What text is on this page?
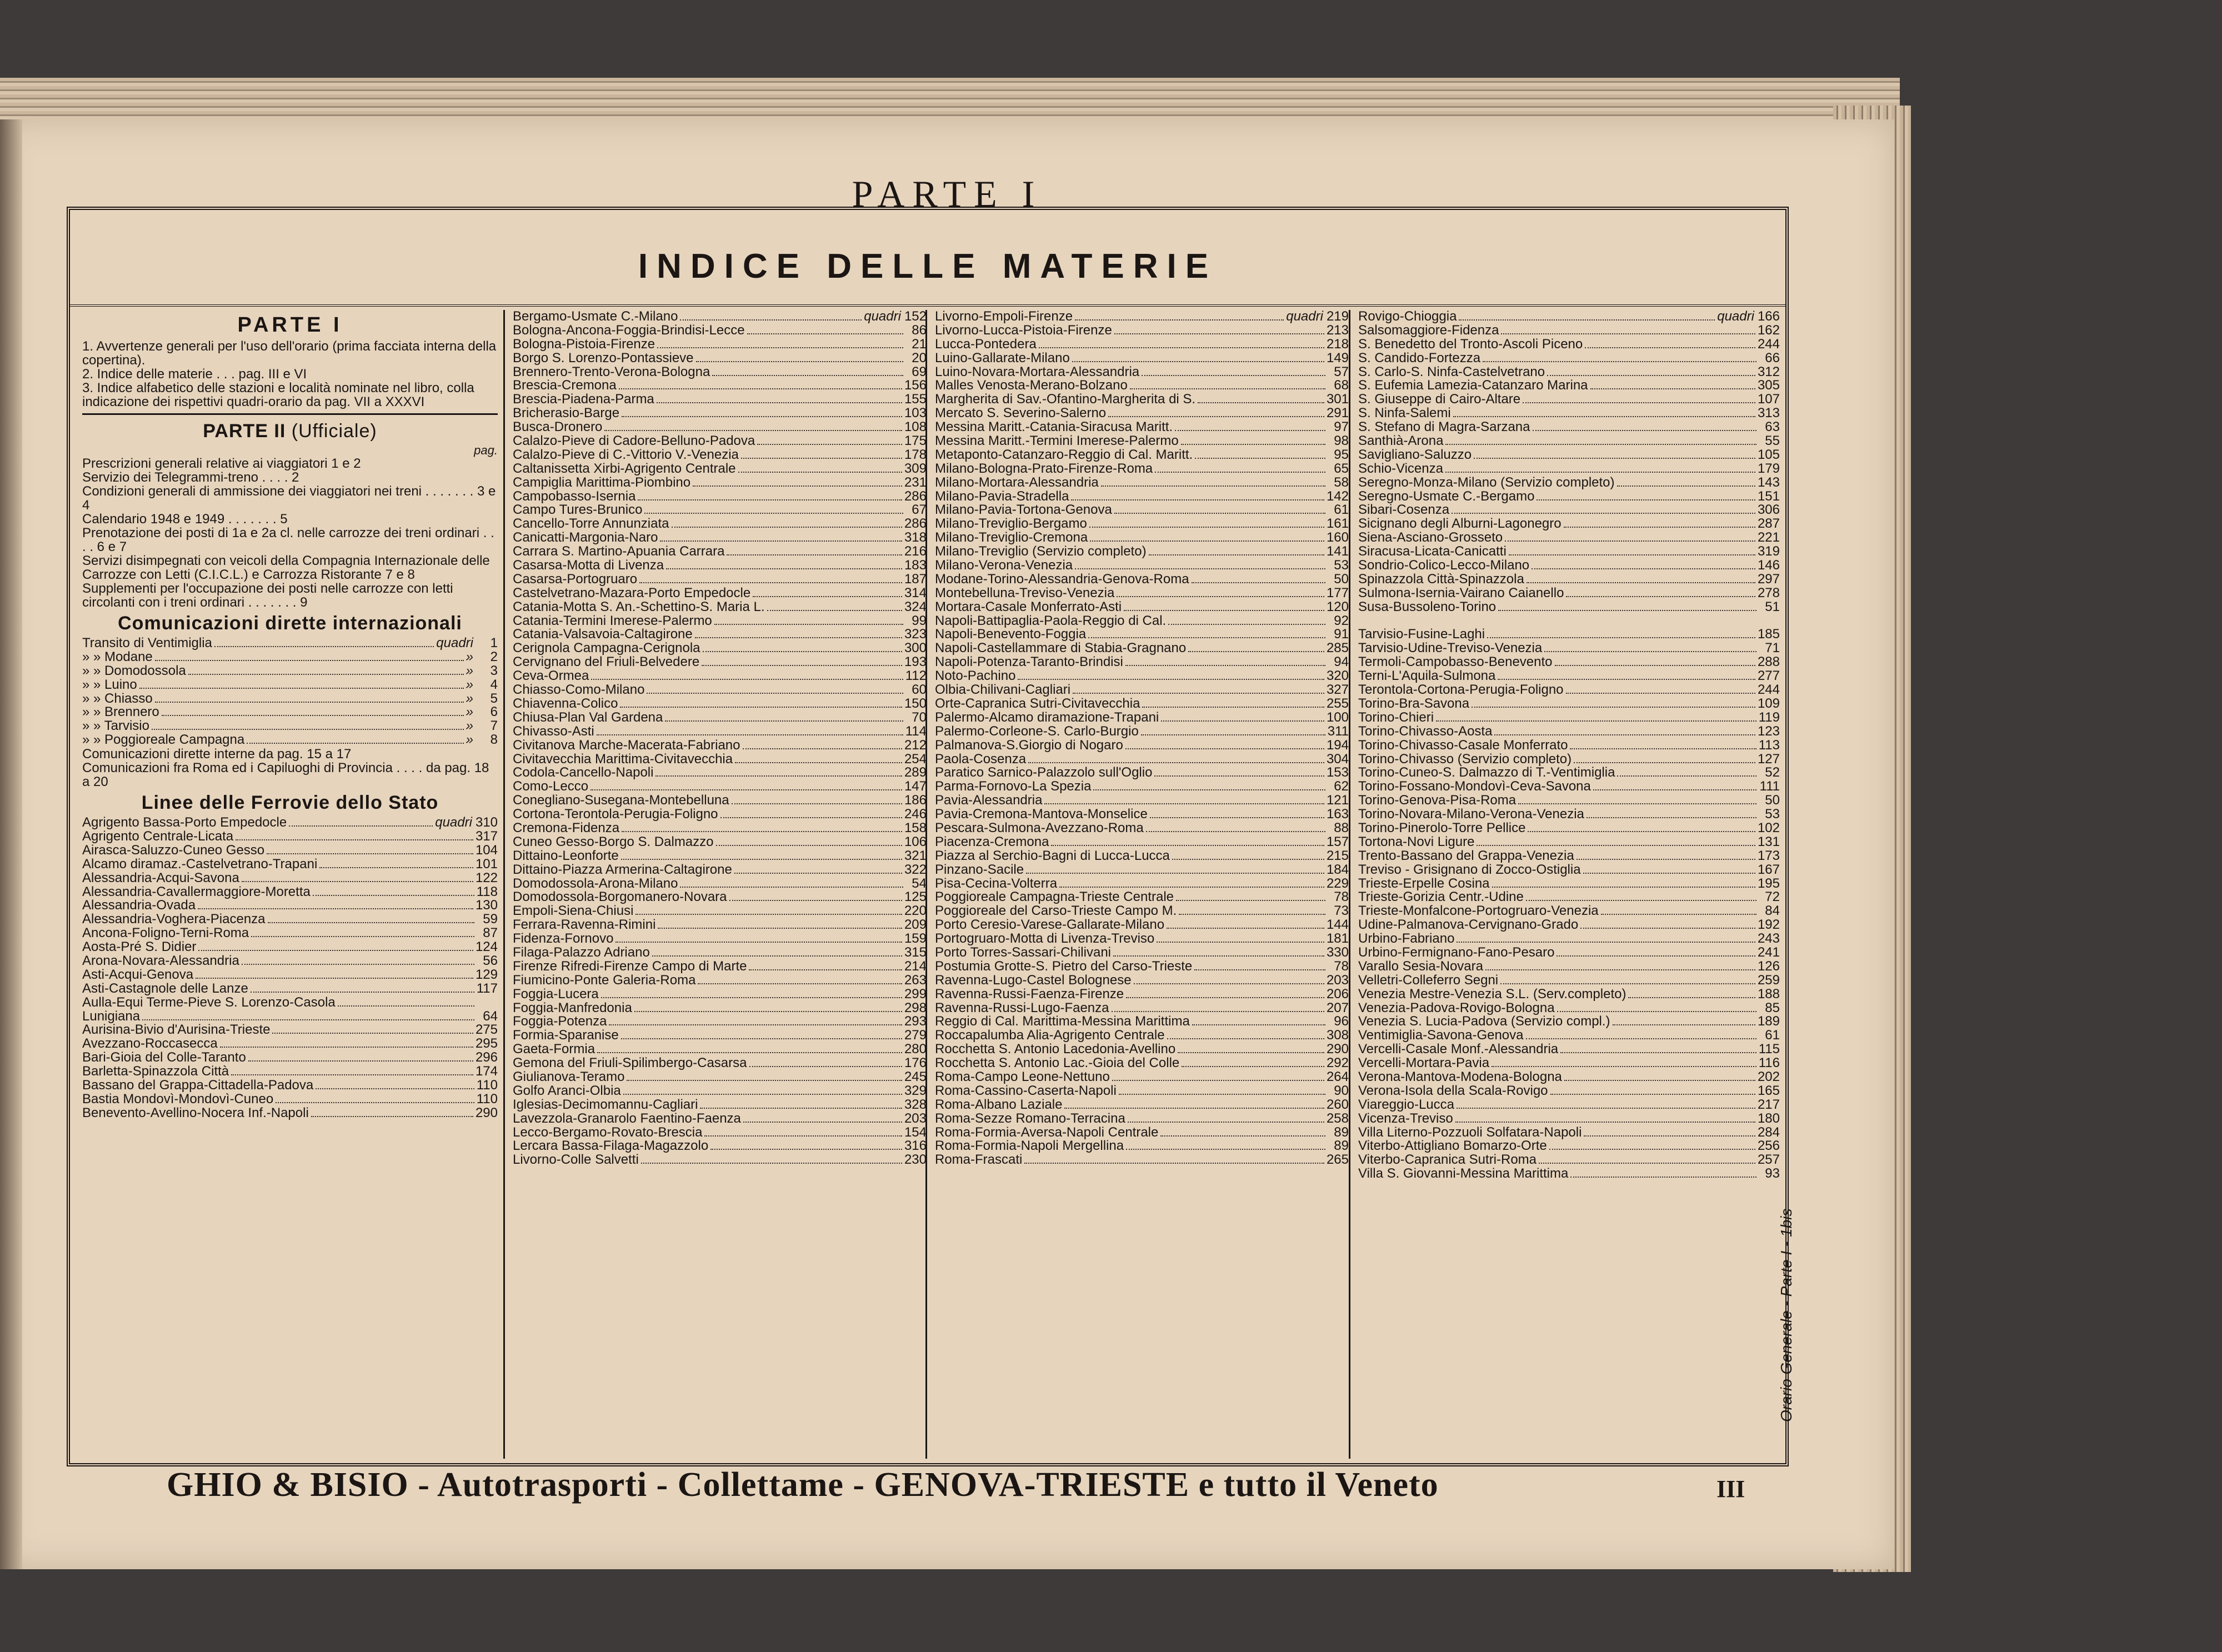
PARTE I
INDICE DELLE MATERIE
PARTE I
1. Avvertenze generali per l'uso dell'orario (prima facciata interna della copertina).
2. Indice delle materie . . . pag. III e VI
3. Indice alfabetico delle stazioni e località nominate nel libro, colla indicazione dei rispettivi quadri-orario da pag. VII a XXXVI
PARTE II (Ufficiale)
pag.
Prescrizioni generali relative ai viaggiatori 1 e 2
Servizio dei Telegrammi-treno . . . . 2
Condizioni generali di ammissione dei viaggiatori nei treni . . . . . . . 3 e 4
Calendario 1948 e 1949 . . . . . . . 5
Prenotazione dei posti di 1a e 2a cl. nelle carrozze dei treni ordinari . . . . 6 e 7
Servizi disimpegnati con veicoli della Compagnia Internazionale delle Carrozze con Letti (C.I.C.L.) e Carrozza Ristorante 7 e 8
Supplementi per l'occupazione dei posti nelle carrozze con letti circolanti con i treni ordinari . . . . . . . 9
Comunicazioni dirette internazionali
Transito di Ventimiglia	quadri	1
» » Modane	»	2
» » Domodossola	»	3
» » Luino	»	4
» » Chiasso	»	5
» » Brennero	»	6
» » Tarvisio	»	7
» » Poggioreale Campagna	»	8
Comunicazioni dirette interne da pag. 15 a 17
Comunicazioni fra Roma ed i Capiluoghi di Provincia . . . . da pag. 18 a 20
Linee delle Ferrovie dello Stato
Agrigento Bassa-Porto Empedocle	quadri 310
Agrigento Centrale-Licata	317
Airasca-Saluzzo-Cuneo Gesso	104
Alcamo diramaz.-Castelvetrano-Trapani	101
Alessandria-Acqui-Savona	122
Alessandria-Cavallermaggiore-Moretta	118
Alessandria-Ovada	130
Alessandria-Voghera-Piacenza	59
Ancona-Foligno-Terni-Roma	87
Aosta-Pré S. Didier	124
Arona-Novara-Alessandria	56
Asti-Acqui-Genova	129
Asti-Castagnole delle Lanze	117
Aulla-Equi Terme-Pieve S. Lorenzo-Casola
Lunigiana	64
Aurisina-Bivio d'Aurisina-Trieste	275
Avezzano-Roccasecca	295
Bari-Gioia del Colle-Taranto	296
Barletta-Spinazzola Città	174
Bassano del Grappa-Cittadella-Padova	110
Bastia Mondovì-Mondovì-Cuneo	110
Benevento-Avellino-Nocera Inf.-Napoli	290
Bergamo-Usmate C.-Milano	quadri 152
Bologna-Ancona-Foggia-Brindisi-Lecce	86
Bologna-Pistoia-Firenze	21
Borgo S. Lorenzo-Pontassieve	20
Brennero-Trento-Verona-Bologna	69
Brescia-Cremona	156
Brescia-Piadena-Parma	155
Bricherasio-Barge	103
Busca-Dronero	108
Calalzo-Pieve di Cadore-Belluno-Padova	175
Calalzo-Pieve di C.-Vittorio V.-Venezia	178
Caltanissetta Xirbi-Agrigento Centrale	309
Campiglia Marittima-Piombino	231
Campobasso-Isernia	286
Campo Tures-Brunico	67
Cancello-Torre Annunziata	286
Canicatti-Margonia-Naro	318
Carrara S. Martino-Apuania Carrara	216
Casarsa-Motta di Livenza	183
Casarsa-Portogruaro	187
Castelvetrano-Mazara-Porto Empedocle	314
Catania-Motta S. An.-Schettino-S. Maria L.	324
Catania-Termini Imerese-Palermo	99
Catania-Valsavoia-Caltagirone	323
Cerignola Campagna-Cerignola	300
Cervignano del Friuli-Belvedere	193
Ceva-Ormea	112
Chiasso-Como-Milano	60
Chiavenna-Colico	150
Chiusa-Plan Val Gardena	70
Chivasso-Asti	114
Civitanova Marche-Macerata-Fabriano	212
Civitavecchia Marittima-Civitavecchia	254
Codola-Cancello-Napoli	289
Como-Lecco	147
Conegliano-Susegana-Montebelluna	186
Cortona-Terontola-Perugia-Foligno	246
Cremona-Fidenza	158
Cuneo Gesso-Borgo S. Dalmazzo	106
Dittaino-Leonforte	321
Dittaino-Piazza Armerina-Caltagirone	322
Domodossola-Arona-Milano	54
Domodossola-Borgomanero-Novara	125
Empoli-Siena-Chiusi	220
Ferrara-Ravenna-Rimini	209
Fidenza-Fornovo	159
Filaga-Palazzo Adriano	315
Firenze Rifredi-Firenze Campo di Marte	214
Fiumicino-Ponte Galeria-Roma	263
Foggia-Lucera	299
Foggia-Manfredonia	298
Foggia-Potenza	293
Formia-Sparanise	279
Gaeta-Formia	280
Gemona del Friuli-Spilimbergo-Casarsa	176
Giulianova-Teramo	245
Golfo Aranci-Olbia	329
Iglesias-Decimomannu-Cagliari	328
Lavezzola-Granarolo Faentino-Faenza	203
Lecco-Bergamo-Rovato-Brescia	154
Lercara Bassa-Filaga-Magazzolo	316
Livorno-Colle Salvetti	230
Livorno-Empoli-Firenze	quadri 219
Livorno-Lucca-Pistoia-Firenze	213
Lucca-Pontedera	218
Luino-Gallarate-Milano	149
Luino-Novara-Mortara-Alessandria	57
Malles Venosta-Merano-Bolzano	68
Margherita di Sav.-Ofantino-Margherita di S.	301
Mercato S. Severino-Salerno	291
Messina Maritt.-Catania-Siracusa Maritt.	97
Messina Maritt.-Termini Imerese-Palermo	98
Metaponto-Catanzaro-Reggio di Cal. Maritt.	95
Milano-Bologna-Prato-Firenze-Roma	65
Milano-Mortara-Alessandria	58
Milano-Pavia-Stradella	142
Milano-Pavia-Tortona-Genova	61
Milano-Treviglio-Bergamo	161
Milano-Treviglio-Cremona	160
Milano-Treviglio (Servizio completo)	141
Milano-Verona-Venezia	53
Modane-Torino-Alessandria-Genova-Roma	50
Montebelluna-Treviso-Venezia	177
Mortara-Casale Monferrato-Asti	120
Napoli-Battipaglia-Paola-Reggio di Cal.	92
Napoli-Benevento-Foggia	91
Napoli-Castellammare di Stabia-Gragnano	285
Napoli-Potenza-Taranto-Brindisi	94
Noto-Pachino	320
Olbia-Chilivani-Cagliari	327
Orte-Capranica Sutri-Civitavecchia	255
Palermo-Alcamo diramazione-Trapani	100
Palermo-Corleone-S. Carlo-Burgio	311
Palmanova-S.Giorgio di Nogaro	194
Paola-Cosenza	304
Paratico Sarnico-Palazzolo sull'Oglio	153
Parma-Fornovo-La Spezia	62
Pavia-Alessandria	121
Pavia-Cremona-Mantova-Monselice	163
Pescara-Sulmona-Avezzano-Roma	88
Piacenza-Cremona	157
Piazza al Serchio-Bagni di Lucca-Lucca	215
Pinzano-Sacile	184
Pisa-Cecina-Volterra	229
Poggioreale Campagna-Trieste Centrale	78
Poggioreale del Carso-Trieste Campo M.	73
Porto Ceresio-Varese-Gallarate-Milano	144
Portogruaro-Motta di Livenza-Treviso	181
Porto Torres-Sassari-Chilivani	330
Postumia Grotte-S. Pietro del Carso-Trieste	78
Ravenna-Lugo-Castel Bolognese	203
Ravenna-Russi-Faenza-Firenze	206
Ravenna-Russi-Lugo-Faenza	207
Reggio di Cal. Marittima-Messina Marittima	96
Roccapalumba Alia-Agrigento Centrale	308
Rocchetta S. Antonio Lacedonia-Avellino	290
Rocchetta S. Antonio Lac.-Gioia del Colle	292
Roma-Campo Leone-Nettuno	264
Roma-Cassino-Caserta-Napoli	90
Roma-Albano Laziale	260
Roma-Sezze Romano-Terracina	258
Roma-Formia-Aversa-Napoli Centrale	89
Roma-Formia-Napoli Mergellina	89
Roma-Frascati	265
Rovigo-Chioggia	quadri 166
Salsomaggiore-Fidenza	162
S. Benedetto del Tronto-Ascoli Piceno	244
S. Candido-Fortezza	66
S. Carlo-S. Ninfa-Castelvetrano	312
S. Eufemia Lamezia-Catanzaro Marina	305
S. Giuseppe di Cairo-Altare	107
S. Ninfa-Salemi	313
S. Stefano di Magra-Sarzana	63
Santhià-Arona	55
Savigliano-Saluzzo	105
Schio-Vicenza	179
Seregno-Monza-Milano (Servizio completo)	143
Seregno-Usmate C.-Bergamo	151
Sibari-Cosenza	306
Sicignano degli Alburni-Lagonegro	287
Siena-Asciano-Grosseto	221
Siracusa-Licata-Canicatti	319
Sondrio-Colico-Lecco-Milano	146
Spinazzola Città-Spinazzola	297
Sulmona-Isernia-Vairano Caianello	278
Susa-Bussoleno-Torino	51
Tarvisio-Fusine-Laghi	185
Tarvisio-Udine-Treviso-Venezia	71
Termoli-Campobasso-Benevento	288
Terni-L'Aquila-Sulmona	277
Terontola-Cortona-Perugia-Foligno	244
Torino-Bra-Savona	109
Torino-Chieri	119
Torino-Chivasso-Aosta	123
Torino-Chivasso-Casale Monferrato	113
Torino-Chivasso (Servizio completo)	127
Torino-Cuneo-S. Dalmazzo di T.-Ventimiglia	52
Torino-Fossano-Mondovì-Ceva-Savona	111
Torino-Genova-Pisa-Roma	50
Torino-Novara-Milano-Verona-Venezia	53
Torino-Pinerolo-Torre Pellice	102
Tortona-Novi Ligure	131
Trento-Bassano del Grappa-Venezia	173
Treviso - Grisignano di Zocco-Ostiglia	167
Trieste-Erpelle Cosina	195
Trieste-Gorizia Centr.-Udine	72
Trieste-Monfalcone-Portogruaro-Venezia	84
Udine-Palmanova-Cervignano-Grado	192
Urbino-Fabriano	243
Urbino-Fermignano-Fano-Pesaro	241
Varallo Sesia-Novara	126
Velletri-Colleferro Segni	259
Venezia Mestre-Venezia S.L. (Serv.completo)	188
Venezia-Padova-Rovigo-Bologna	85
Venezia S. Lucia-Padova (Servizio compl.)	189
Ventimiglia-Savona-Genova	61
Vercelli-Casale Monf.-Alessandria	115
Vercelli-Mortara-Pavia	116
Verona-Mantova-Modena-Bologna	202
Verona-Isola della Scala-Rovigo	165
Viareggio-Lucca	217
Vicenza-Treviso	180
Villa Literno-Pozzuoli Solfatara-Napoli	284
Viterbo-Attigliano Bomarzo-Orte	256
Viterbo-Capranica Sutri-Roma	257
Villa S. Giovanni-Messina Marittima	93
GHIO & BISIO - Autotrasporti - Collettame - GENOVA-TRIESTE e tutto il Veneto	III
Orario Generale - Parte I - 1bis
